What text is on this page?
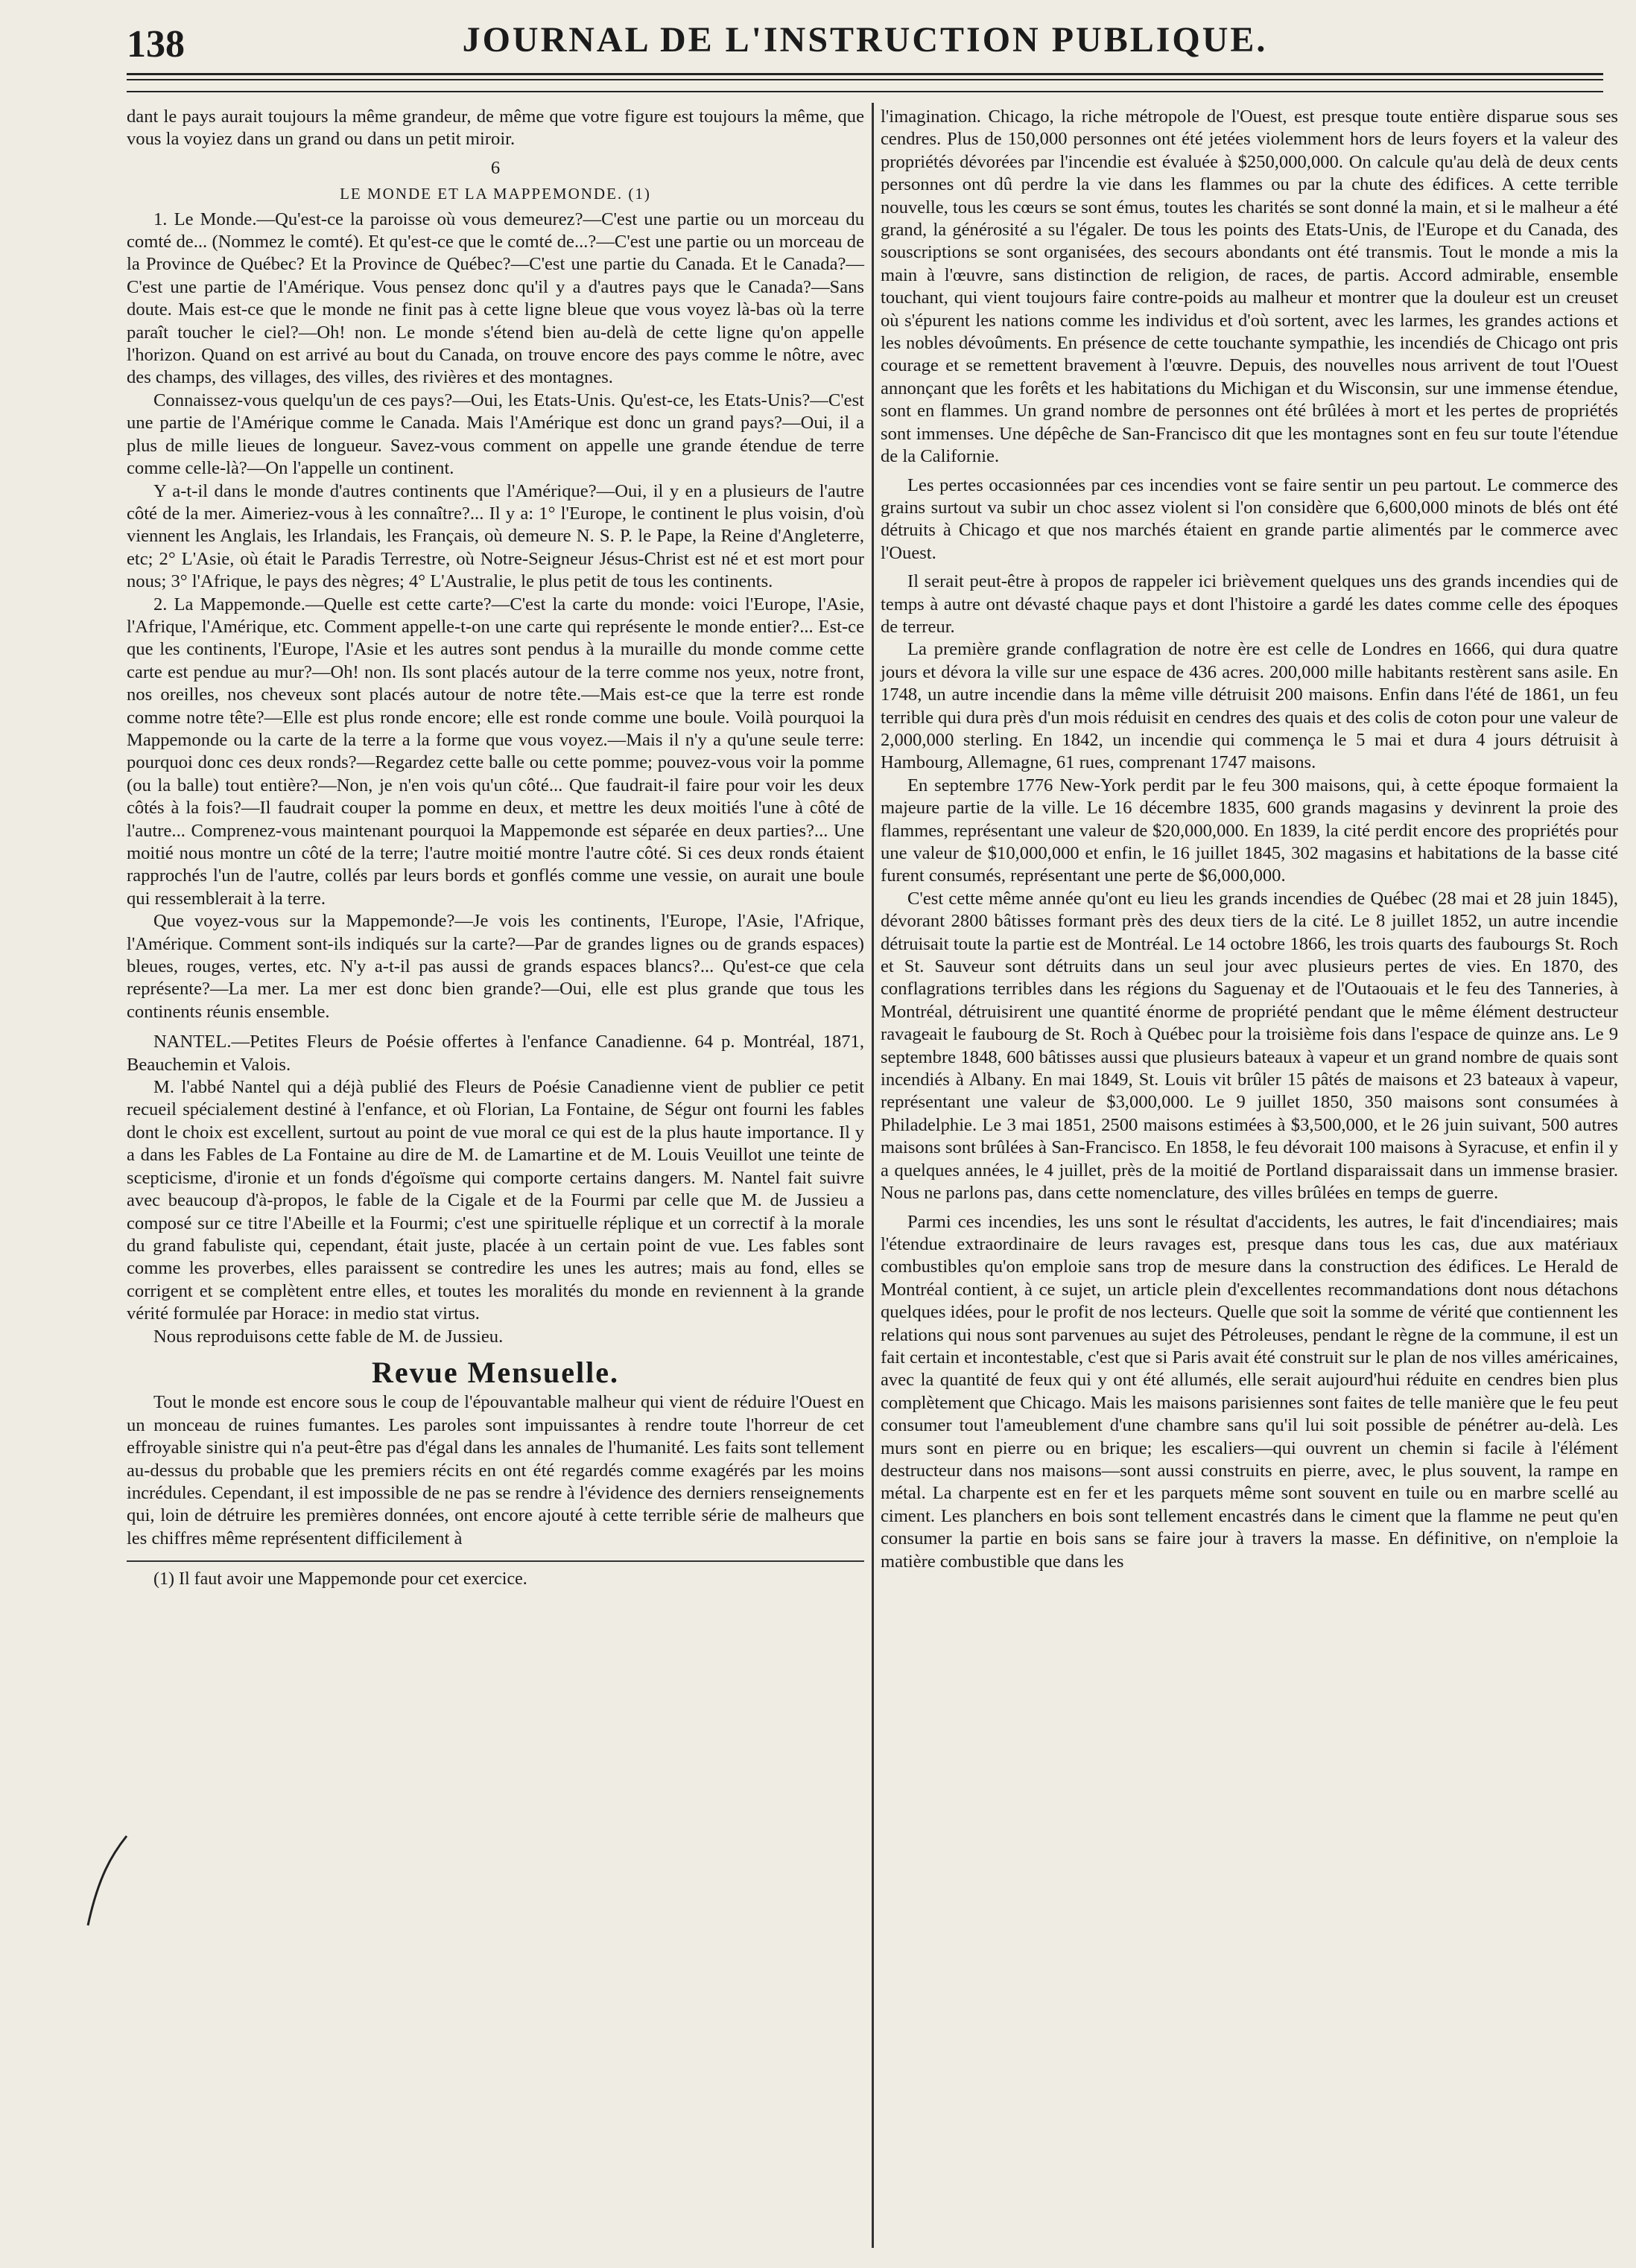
138	JOURNAL DE L'INSTRUCTION PUBLIQUE.

dant le pays aurait toujours la même grandeur, de même que votre figure est toujours la même, que vous la voyiez dans un grand ou dans un petit miroir.

6
LE MONDE ET LA MAPPEMONDE. (1)

1. Le Monde.—Qu'est-ce la paroisse où vous demeurez?—C'est une partie ou un morceau du comté de... (Nommez le comté). Et qu'est-ce que le comté de...?—C'est une partie ou un morceau de la Province de Québec? Et la Province de Québec?—C'est une partie du Canada. Et le Canada?—C'est une partie de l'Amérique. Vous pensez donc qu'il y a d'autres pays que le Canada?—Sans doute. Mais est-ce que le monde ne finit pas à cette ligne bleue que vous voyez là-bas où la terre paraît toucher le ciel?—Oh! non. Le monde s'étend bien au-delà de cette ligne qu'on appelle l'horizon. Quand on est arrivé au bout du Canada, on trouve encore des pays comme le nôtre, avec des champs, des villages, des villes, des rivières et des montagnes.

Connaissez-vous quelqu'un de ces pays?—Oui, les Etats-Unis. Qu'est-ce, les Etats-Unis?—C'est une partie de l'Amérique comme le Canada. Mais l'Amérique est donc un grand pays?—Oui, il a plus de mille lieues de longueur. Savez-vous comment on appelle une grande étendue de terre comme celle-là?—On l'appelle un continent.

Y a-t-il dans le monde d'autres continents que l'Amérique?—Oui, il y en a plusieurs de l'autre côté de la mer. Aimeriez-vous à les connaître?... Il y a: 1° l'Europe, le continent le plus voisin, d'où viennent les Anglais, les Irlandais, les Français, où demeure N. S. P. le Pape, la Reine d'Angleterre, etc; 2° L'Asie, où était le Paradis Terrestre, où Notre-Seigneur Jésus-Christ est né et est mort pour nous; 3° l'Afrique, le pays des nègres; 4° L'Australie, le plus petit de tous les continents.

2. La Mappemonde.—Quelle est cette carte?—C'est la carte du monde: voici l'Europe, l'Asie, l'Afrique, l'Amérique, etc. Comment appelle-t-on une carte qui représente le monde entier?... Est-ce que les continents, l'Europe, l'Asie et les autres sont pendus à la muraille du monde comme cette carte est pendue au mur?—Oh! non. Ils sont placés autour de la terre comme nos yeux, notre front, nos oreilles, nos cheveux sont placés autour de notre tête.—Mais est-ce que la terre est ronde comme notre tête?—Elle est plus ronde encore; elle est ronde comme une boule. Voilà pourquoi la Mappemonde ou la carte de la terre a la forme que vous voyez.—Mais il n'y a qu'une seule terre: pourquoi donc ces deux ronds?—Regardez cette balle ou cette pomme; pouvez-vous voir la pomme (ou la balle) tout entière?—Non, je n'en vois qu'un côté... Que faudrait-il faire pour voir les deux côtés à la fois?—Il faudrait couper la pomme en deux, et mettre les deux moitiés l'une à côté de l'autre... Comprenez-vous maintenant pourquoi la Mappemonde est séparée en deux parties?... Une moitié nous montre un côté de la terre; l'autre moitié montre l'autre côté. Si ces deux ronds étaient rapprochés l'un de l'autre, collés par leurs bords et gonflés comme une vessie, on aurait une boule qui ressemblerait à la terre.

Que voyez-vous sur la Mappemonde?—Je vois les continents, l'Europe, l'Asie, l'Afrique, l'Amérique. Comment sont-ils indiqués sur la carte?—Par de grandes lignes ou de grands espaces) bleues, rouges, vertes, etc. N'y a-t-il pas aussi de grands espaces blancs?... Qu'est-ce que cela représente?—La mer. La mer est donc bien grande?—Oui, elle est plus grande que tous les continents réunis ensemble.

NANTEL.—Petites Fleurs de Poésie offertes à l'enfance Canadienne. 64 p. Montréal, 1871, Beauchemin et Valois.

M. l'abbé Nantel qui a déjà publié des Fleurs de Poésie Canadienne vient de publier ce petit recueil spécialement destiné à l'enfance, et où Florian, La Fontaine, de Ségur ont fourni les fables dont le choix est excellent, surtout au point de vue moral ce qui est de la plus haute importance. Il y a dans les Fables de La Fontaine au dire de M. de Lamartine et de M. Louis Veuillot une teinte de scepticisme, d'ironie et un fonds d'égoïsme qui comporte certains dangers. M. Nantel fait suivre avec beaucoup d'à-propos, le fable de la Cigale et de la Fourmi par celle que M. de Jussieu a composé sur ce titre l'Abeille et la Fourmi; c'est une spirituelle réplique et un correctif à la morale du grand fabuliste qui, cependant, était juste, placée à un certain point de vue. Les fables sont comme les proverbes, elles paraissent se contredire les unes les autres; mais au fond, elles se corrigent et se complètent entre elles, et toutes les moralités du monde en reviennent à la grande vérité formulée par Horace: in medio stat virtus.

Nous reproduisons cette fable de M. de Jussieu.

Revue Mensuelle.

Tout le monde est encore sous le coup de l'épouvantable malheur qui vient de réduire l'Ouest en un monceau de ruines fumantes. Les paroles sont impuissantes à rendre toute l'horreur de cet effroyable sinistre qui n'a peut-être pas d'égal dans les annales de l'humanité. Les faits sont tellement au-dessus du probable que les premiers récits en ont été regardés comme exagérés par les moins incrédules. Cependant, il est impossible de ne pas se rendre à l'évidence des derniers renseignements qui, loin de détruire les premières données, ont encore ajouté à cette terrible série de malheurs que les chiffres même représentent difficilement à

(1) Il faut avoir une Mappemonde pour cet exercice.

l'imagination. Chicago, la riche métropole de l'Ouest, est presque toute entière disparue sous ses cendres. Plus de 150,000 personnes ont été jetées violemment hors de leurs foyers et la valeur des propriétés dévorées par l'incendie est évaluée à $250,000,000. On calcule qu'au delà de deux cents personnes ont dû perdre la vie dans les flammes ou par la chute des édifices. A cette terrible nouvelle, tous les cœurs se sont émus, toutes les charités se sont donné la main, et si le malheur a été grand, la générosité a su l'égaler. De tous les points des Etats-Unis, de l'Europe et du Canada, des souscriptions se sont organisées, des secours abondants ont été transmis. Tout le monde a mis la main à l'œuvre, sans distinction de religion, de races, de partis. Accord admirable, ensemble touchant, qui vient toujours faire contre-poids au malheur et montrer que la douleur est un creuset où s'épurent les nations comme les individus et d'où sortent, avec les larmes, les grandes actions et les nobles dévoûments. En présence de cette touchante sympathie, les incendiés de Chicago ont pris courage et se remettent bravement à l'œuvre. Depuis, des nouvelles nous arrivent de tout l'Ouest annonçant que les forêts et les habitations du Michigan et du Wisconsin, sur une immense étendue, sont en flammes. Un grand nombre de personnes ont été brûlées à mort et les pertes de propriétés sont immenses. Une dépêche de San-Francisco dit que les montagnes sont en feu sur toute l'étendue de la Californie.

Les pertes occasionnées par ces incendies vont se faire sentir un peu partout. Le commerce des grains surtout va subir un choc assez violent si l'on considère que 6,600,000 minots de blés ont été détruits à Chicago et que nos marchés étaient en grande partie alimentés par le commerce avec l'Ouest.

Il serait peut-être à propos de rappeler ici brièvement quelques uns des grands incendies qui de temps à autre ont dévasté chaque pays et dont l'histoire a gardé les dates comme celle des époques de terreur.

La première grande conflagration de notre ère est celle de Londres en 1666, qui dura quatre jours et dévora la ville sur une espace de 436 acres. 200,000 mille habitants restèrent sans asile. En 1748, un autre incendie dans la même ville détruisit 200 maisons. Enfin dans l'été de 1861, un feu terrible qui dura près d'un mois réduisit en cendres des quais et des colis de coton pour une valeur de 2,000,000 sterling. En 1842, un incendie qui commença le 5 mai et dura 4 jours détruisit à Hambourg, Allemagne, 61 rues, comprenant 1747 maisons.

En septembre 1776 New-York perdit par le feu 300 maisons, qui, à cette époque formaient la majeure partie de la ville. Le 16 décembre 1835, 600 grands magasins y devinrent la proie des flammes, représentant une valeur de $20,000,000. En 1839, la cité perdit encore des propriétés pour une valeur de $10,000,000 et enfin, le 16 juillet 1845, 302 magasins et habitations de la basse cité furent consumés, représentant une perte de $6,000,000.

C'est cette même année qu'ont eu lieu les grands incendies de Québec (28 mai et 28 juin 1845), dévorant 2800 bâtisses formant près des deux tiers de la cité. Le 8 juillet 1852, un autre incendie détruisait toute la partie est de Montréal. Le 14 octobre 1866, les trois quarts des faubourgs St. Roch et St. Sauveur sont détruits dans un seul jour avec plusieurs pertes de vies. En 1870, des conflagrations terribles dans les régions du Saguenay et de l'Outaouais et le feu des Tanneries, à Montréal, détruisirent une quantité énorme de propriété pendant que le même élément destructeur ravageait le faubourg de St. Roch à Québec pour la troisième fois dans l'espace de quinze ans. Le 9 septembre 1848, 600 bâtisses aussi que plusieurs bateaux à vapeur et un grand nombre de quais sont incendiés à Albany. En mai 1849, St. Louis vit brûler 15 pâtés de maisons et 23 bateaux à vapeur, représentant une valeur de $3,000,000. Le 9 juillet 1850, 350 maisons sont consumées à Philadelphie. Le 3 mai 1851, 2500 maisons estimées à $3,500,000, et le 26 juin suivant, 500 autres maisons sont brûlées à San-Francisco. En 1858, le feu dévorait 100 maisons à Syracuse, et enfin il y a quelques années, le 4 juillet, près de la moitié de Portland disparaissait dans un immense brasier. Nous ne parlons pas, dans cette nomenclature, des villes brûlées en temps de guerre.

Parmi ces incendies, les uns sont le résultat d'accidents, les autres, le fait d'incendiaires; mais l'étendue extraordinaire de leurs ravages est, presque dans tous les cas, due aux matériaux combustibles qu'on emploie sans trop de mesure dans la construction des édifices. Le Herald de Montréal contient, à ce sujet, un article plein d'excellentes recommandations dont nous détachons quelques idées, pour le profit de nos lecteurs. Quelle que soit la somme de vérité que contiennent les relations qui nous sont parvenues au sujet des Pétroleuses, pendant le règne de la commune, il est un fait certain et incontestable, c'est que si Paris avait été construit sur le plan de nos villes américaines, avec la quantité de feux qui y ont été allumés, elle serait aujourd'hui réduite en cendres bien plus complètement que Chicago. Mais les maisons parisiennes sont faites de telle manière que le feu peut consumer tout l'ameublement d'une chambre sans qu'il lui soit possible de pénétrer au-delà. Les murs sont en pierre ou en brique; les escaliers—qui ouvrent un chemin si facile à l'élément destructeur dans nos maisons—sont aussi construits en pierre, avec, le plus souvent, la rampe en métal. La charpente est en fer et les parquets même sont souvent en tuile ou en marbre scellé au ciment. Les planchers en bois sont tellement encastrés dans le ciment que la flamme ne peut qu'en consumer la partie en bois sans se faire jour à travers la masse. En définitive, on n'emploie la matière combustible que dans les
